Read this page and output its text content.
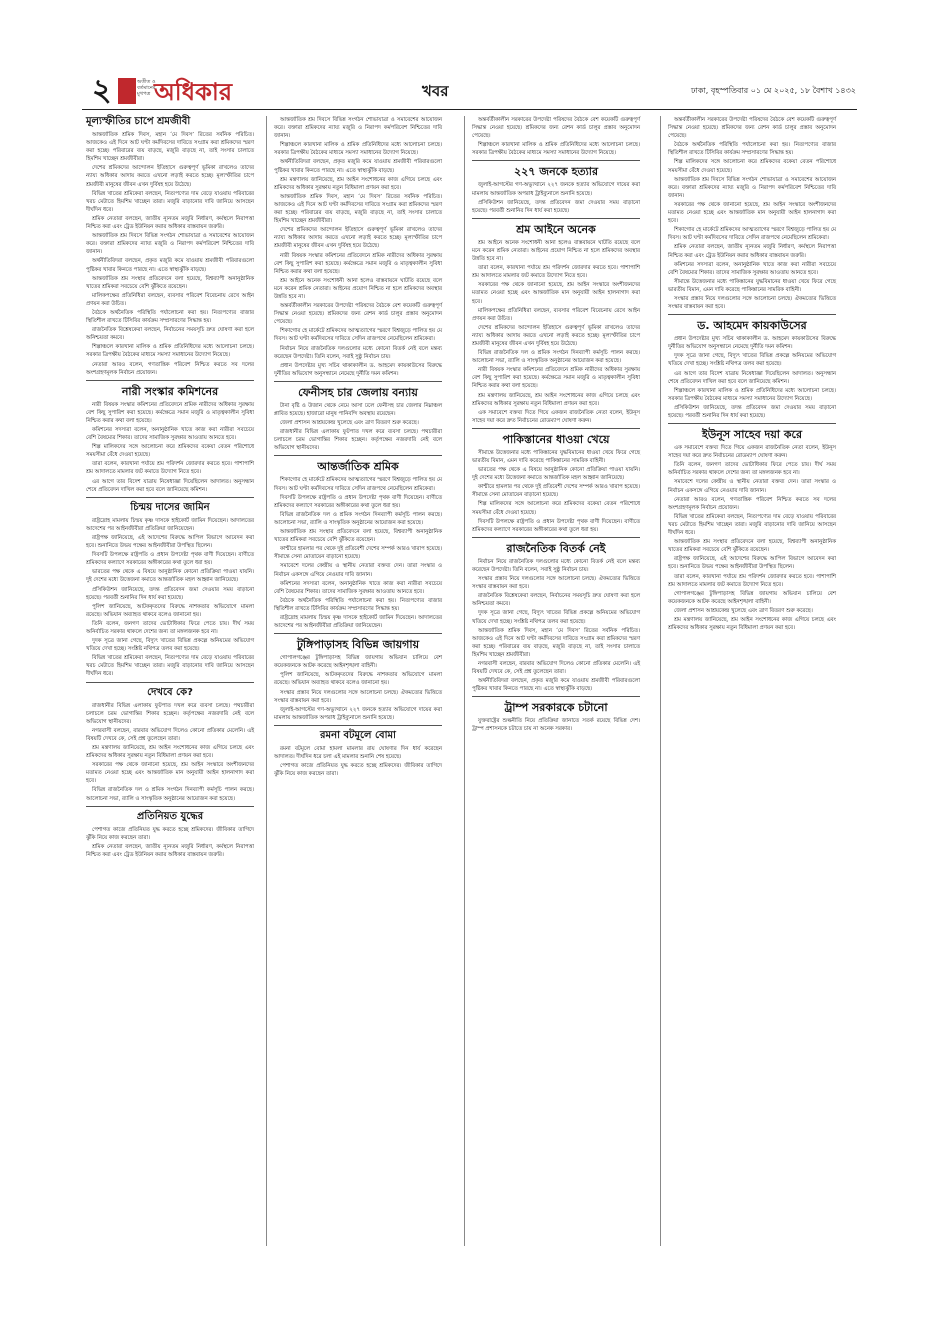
২	অতীত ও বর্তমানের মুখপত্র অধিকার	খবর	ঢাকা, বৃহস্পতিবার ০১ মে ২০২৫, ১৮ বৈশাখ ১৪৩২
মূল্যস্ফীতির চাপে শ্রমজীবী

আন্তর্জাতিক শ্রমিক দিবস, মহান ‘মে দিবস’ রিতের সর্বনিক পরিচিত। আজকেও এই দিনে আট ঘণ্টা কর্মদিবসের দাবিতে সংগ্রাম করা শ্রমিকদের স্মরণ করা হচ্ছে। পরিবারের ব্যয় বাড়ছে, মজুরি বাড়ছে না, তাই সংসার চালাতে হিমশিম খাচ্ছেন শ্রমজীবীরা।

দেশের শ্রমিকদের আন্দোলন ইতিহাসে গুরুত্বপূর্ণ ভূমিকা রাখলেও তাদের ন্যায্য অধিকার আদায় করতে এখনো লড়াই করতে হচ্ছে। মূল্যস্ফীতির চাপে শ্রমজীবী মানুষের জীবন এখন দুর্বিষহ হয়ে উঠেছে।

বিভিন্ন খাতের শ্রমিকেরা বলছেন, নিত্যপণ্যের দাম বেড়ে যাওয়ায় পরিবারের খরচ মেটাতে হিমশিম খাচ্ছেন তারা। মজুরি বাড়ানোর দাবি জানিয়ে আসছেন দীর্ঘদিন ধরে।

শ্রমিক নেতারা বলছেন, জাতীয় ন্যূনতম মজুরি নির্ধারণ, কর্মস্থলে নিরাপত্তা নিশ্চিত করা এবং ট্রেড ইউনিয়ন করার অধিকার বাস্তবায়ন জরুরি।

আন্তর্জাতিক শ্রম দিবসে বিভিন্ন সংগঠন শোভাযাত্রা ও সমাবেশের আয়োজন করে। বক্তারা শ্রমিকদের ন্যায্য মজুরি ও নিরাপদ কর্মপরিবেশ নিশ্চিতের দাবি জানান।

অর্থনীতিবিদরা বলছেন, প্রকৃত মজুরি কমে যাওয়ায় শ্রমজীবী পরিবারগুলো পুষ্টিকর খাবার কিনতে পারছে না। এতে স্বাস্থ্যঝুঁকি বাড়ছে।

আন্তর্জাতিক শ্রম সংস্থার প্রতিবেদনে বলা হয়েছে, বিশ্বব্যাপী অনানুষ্ঠানিক খাতের শ্রমিকরা সবচেয়ে বেশি ঝুঁকিতে রয়েছেন।

মালিকপক্ষের প্রতিনিধিরা বলছেন, ব্যবসার পরিবেশ বিবেচনায় রেখে আইন প্রণয়ন করা উচিত।

বৈঠকে অর্থনৈতিক পরিস্থিতি পর্যালোচনা করা হয়। নিত্যপণ্যের বাজার স্থিতিশীল রাখতে টিসিবির কার্যক্রম সম্প্রসারণের সিদ্ধান্ত হয়।

রাজনৈতিক বিশ্লেষকেরা বলছেন, নির্বাচনের সময়সূচি দ্রুত ঘোষণা করা হলে অনিশ্চয়তা কমবে।

শিল্পাঞ্চলে কারখানা মালিক ও শ্রমিক প্রতিনিধিদের মধ্যে আলোচনা চলছে। সরকার ত্রিপক্ষীয় বৈঠকের মাধ্যমে সমস্যা সমাধানের উদ্যোগ নিয়েছে।

নেতারা আরও বলেন, গণতান্ত্রিক পরিবেশ নিশ্চিত করতে সব দলের অংশগ্রহণমূলক নির্বাচন প্রয়োজন।

নারী সংস্কার কমিশনের

নারী বিষয়ক সংস্কার কমিশনের প্রতিবেদনে শ্রমিক নারীদের অধিকার সুরক্ষায় বেশ কিছু সুপারিশ করা হয়েছে। কর্মক্ষেত্রে সমান মজুরি ও মাতৃত্বকালীন সুবিধা নিশ্চিত করার কথা বলা হয়েছে।

কমিশনের সদস্যরা বলেন, অনানুষ্ঠানিক খাতে কাজ করা নারীরা সবচেয়ে বেশি বৈষম্যের শিকার। তাদের সামাজিক সুরক্ষার আওতায় আনতে হবে।

শিল্প মালিকদের সঙ্গে আলোচনা করে শ্রমিকদের বকেয়া বেতন পরিশোধে সময়সীমা বেঁধে দেওয়া হয়েছে।

তারা বলেন, কারখানা পর্যায়ে শ্রম পরিদর্শন জোরদার করতে হবে। পাশাপাশি শ্রম আদালতে মামলার জট কমাতে উদ্যোগ নিতে হবে।

এর আগে তার বিদেশ যাত্রায় নিষেধাজ্ঞা দিয়েছিলেন আদালত। অনুসন্ধান শেষে প্রতিবেদন দাখিল করা হবে বলে জানিয়েছে কমিশন।

চিন্ময় দাসের জামিন

রাষ্ট্রদ্রোহ মামলায় চিন্ময় কৃষ্ণ দাসকে হাইকোর্ট জামিন দিয়েছেন। আদালতের আদেশের পর আইনজীবীরা প্রতিক্রিয়া জানিয়েছেন।

রাষ্ট্রপক্ষ জানিয়েছে, এই আদেশের বিরুদ্ধে আপিল বিভাগে আবেদন করা হবে। শুনানিতে উভয় পক্ষের আইনজীবীরা উপস্থিত ছিলেন।

দিবসটি উপলক্ষে রাষ্ট্রপতি ও প্রধান উপদেষ্টা পৃথক বাণী দিয়েছেন। বাণীতে শ্রমিকদের কল্যাণে সরকারের অঙ্গীকারের কথা তুলে ধরা হয়।

ভারতের পক্ষ থেকে এ বিষয়ে আনুষ্ঠানিক কোনো প্রতিক্রিয়া পাওয়া যায়নি। দুই দেশের মধ্যে উত্তেজনা কমাতে আন্তর্জাতিক মহল আহ্বান জানিয়েছে।

প্রসিকিউশন জানিয়েছে, তদন্ত প্রতিবেদন জমা দেওয়ার সময় বাড়ানো হয়েছে। পরবর্তী শুনানির দিন ধার্য করা হয়েছে।

পুলিশ জানিয়েছে, আটককৃতদের বিরুদ্ধে নাশকতার অভিযোগে মামলা রয়েছে। অভিযান অব্যাহত থাকবে বলেও জানানো হয়।

তিনি বলেন, জনগণ তাদের ভোটাধিকার ফিরে পেতে চায়। দীর্ঘ সময় অনির্বাচিত সরকার থাকলে দেশের জন্য তা মঙ্গলজনক হবে না।

দুদক সূত্রে জানা গেছে, বিদ্যুৎ খাতের বিভিন্ন প্রকল্পে অনিয়মের অভিযোগ খতিয়ে দেখা হচ্ছে। সংশ্লিষ্ট নথিপত্র তলব করা হয়েছে।

বিভিন্ন খাতের শ্রমিকেরা বলছেন, নিত্যপণ্যের দাম বেড়ে যাওয়ায় পরিবারের খরচ মেটাতে হিমশিম খাচ্ছেন তারা। মজুরি বাড়ানোর দাবি জানিয়ে আসছেন দীর্ঘদিন ধরে।

দেখবে কে?

রাজধানীর বিভিন্ন এলাকায় ফুটপাত দখল করে ব্যবসা চলছে। পথচারীরা চলাচলে চরম ভোগান্তির শিকার হচ্ছেন। কর্তৃপক্ষের নজরদারি নেই বলে অভিযোগ স্থানীয়দের।

নগরবাসী বলছেন, বারবার অভিযোগ দিলেও কোনো প্রতিকার মেলেনি। এই বিষয়টি দেখবে কে, সেই প্রশ্ন তুলেছেন তারা।

শ্রম মন্ত্রণালয় জানিয়েছে, শ্রম আইন সংশোধনের কাজ এগিয়ে চলছে এবং শ্রমিকদের অধিকার সুরক্ষায় নতুন বিধিমালা প্রণয়ন করা হবে।

সরকারের পক্ষ থেকে জানানো হয়েছে, শ্রম আইন সংস্কারে অংশীজনদের মতামত নেওয়া হচ্ছে এবং আন্তর্জাতিক মান অনুযায়ী আইন হালনাগাদ করা হবে।

বিভিন্ন রাজনৈতিক দল ও শ্রমিক সংগঠন দিনব্যাপী কর্মসূচি পালন করছে। আলোচনা সভা, র‍্যালি ও সাংস্কৃতিক অনুষ্ঠানের আয়োজন করা হয়েছে।

প্রতিনিয়ত যুদ্ধের

পেশাগত কাজে প্রতিনিয়ত যুদ্ধ করতে হচ্ছে শ্রমিকদের। জীবিকার তাগিদে ঝুঁকি নিয়ে কাজ করছেন তারা।

শ্রমিক নেতারা বলছেন, জাতীয় ন্যূনতম মজুরি নির্ধারণ, কর্মস্থলে নিরাপত্তা নিশ্চিত করা এবং ট্রেড ইউনিয়ন করার অধিকার বাস্তবায়ন জরুরি।

আন্তর্জাতিক শ্রম দিবসে বিভিন্ন সংগঠন শোভাযাত্রা ও সমাবেশের আয়োজন করে। বক্তারা শ্রমিকদের ন্যায্য মজুরি ও নিরাপদ কর্মপরিবেশ নিশ্চিতের দাবি জানান।

শিল্পাঞ্চলে কারখানা মালিক ও শ্রমিক প্রতিনিধিদের মধ্যে আলোচনা চলছে। সরকার ত্রিপক্ষীয় বৈঠকের মাধ্যমে সমস্যা সমাধানের উদ্যোগ নিয়েছে।

অর্থনীতিবিদরা বলছেন, প্রকৃত মজুরি কমে যাওয়ায় শ্রমজীবী পরিবারগুলো পুষ্টিকর খাবার কিনতে পারছে না। এতে স্বাস্থ্যঝুঁকি বাড়ছে।

শ্রম মন্ত্রণালয় জানিয়েছে, শ্রম আইন সংশোধনের কাজ এগিয়ে চলছে এবং শ্রমিকদের অধিকার সুরক্ষায় নতুন বিধিমালা প্রণয়ন করা হবে।

আন্তর্জাতিক শ্রমিক দিবস, মহান ‘মে দিবস’ রিতের সর্বনিক পরিচিত। আজকেও এই দিনে আট ঘণ্টা কর্মদিবসের দাবিতে সংগ্রাম করা শ্রমিকদের স্মরণ করা হচ্ছে। পরিবারের ব্যয় বাড়ছে, মজুরি বাড়ছে না, তাই সংসার চালাতে হিমশিম খাচ্ছেন শ্রমজীবীরা।

দেশের শ্রমিকদের আন্দোলন ইতিহাসে গুরুত্বপূর্ণ ভূমিকা রাখলেও তাদের ন্যায্য অধিকার আদায় করতে এখনো লড়াই করতে হচ্ছে। মূল্যস্ফীতির চাপে শ্রমজীবী মানুষের জীবন এখন দুর্বিষহ হয়ে উঠেছে।

নারী বিষয়ক সংস্কার কমিশনের প্রতিবেদনে শ্রমিক নারীদের অধিকার সুরক্ষায় বেশ কিছু সুপারিশ করা হয়েছে। কর্মক্ষেত্রে সমান মজুরি ও মাতৃত্বকালীন সুবিধা নিশ্চিত করার কথা বলা হয়েছে।

শ্রম আইনে অনেক সংশোধনী আনা হলেও বাস্তবায়নে ঘাটতি রয়েছে বলে মনে করেন শ্রমিক নেতারা। আইনের প্রয়োগ নিশ্চিত না হলে শ্রমিকদের অবস্থার উন্নতি হবে না।

অন্তর্বর্তীকালীন সরকারের উপদেষ্টা পরিষদের বৈঠকে বেশ কয়েকটি গুরুত্বপূর্ণ সিদ্ধান্ত নেওয়া হয়েছে। শ্রমিকদের জন্য রেশন কার্ড চালুর প্রস্তাব অনুমোদন পেয়েছে।

শিকাগোর হে মার্কেটে শ্রমিকদের আত্মত্যাগের স্মরণে বিশ্বজুড়ে পালিত হয় মে দিবস। আট ঘণ্টা কর্মদিবসের দাবিতে সেদিন রাজপথে নেমেছিলেন শ্রমিকেরা।

নির্বাচন নিয়ে রাজনৈতিক দলগুলোর মধ্যে কোনো বিতর্ক নেই বলে মন্তব্য করেছেন উপদেষ্টা। তিনি বলেন, সবাই সুষ্ঠু নির্বাচন চায়।

প্রধান উপদেষ্টার মুখ্য সচিব থাকাকালীন ড. আহমেদ কায়কাউসের বিরুদ্ধে দুর্নীতির অভিযোগ অনুসন্ধানে নেমেছে দুর্নীতি দমন কমিশন।

ফেনীসহ চার জেলায় বন্যায়

টানা বৃষ্টি ও উজান থেকে নেমে আসা ঢলে ফেনীসহ চার জেলার নিম্নাঞ্চল প্লাবিত হয়েছে। হাজারো মানুষ পানিবন্দি অবস্থায় রয়েছেন।

জেলা প্রশাসন আশ্রয়কেন্দ্র খুলেছে এবং ত্রাণ বিতরণ শুরু করেছে।

রাজধানীর বিভিন্ন এলাকায় ফুটপাত দখল করে ব্যবসা চলছে। পথচারীরা চলাচলে চরম ভোগান্তির শিকার হচ্ছেন। কর্তৃপক্ষের নজরদারি নেই বলে অভিযোগ স্থানীয়দের।

আন্তর্জাতিক শ্রমিক

শিকাগোর হে মার্কেটে শ্রমিকদের আত্মত্যাগের স্মরণে বিশ্বজুড়ে পালিত হয় মে দিবস। আট ঘণ্টা কর্মদিবসের দাবিতে সেদিন রাজপথে নেমেছিলেন শ্রমিকেরা।

দিবসটি উপলক্ষে রাষ্ট্রপতি ও প্রধান উপদেষ্টা পৃথক বাণী দিয়েছেন। বাণীতে শ্রমিকদের কল্যাণে সরকারের অঙ্গীকারের কথা তুলে ধরা হয়।

বিভিন্ন রাজনৈতিক দল ও শ্রমিক সংগঠন দিনব্যাপী কর্মসূচি পালন করছে। আলোচনা সভা, র‍্যালি ও সাংস্কৃতিক অনুষ্ঠানের আয়োজন করা হয়েছে।

আন্তর্জাতিক শ্রম সংস্থার প্রতিবেদনে বলা হয়েছে, বিশ্বব্যাপী অনানুষ্ঠানিক খাতের শ্রমিকরা সবচেয়ে বেশি ঝুঁকিতে রয়েছেন।

কাশ্মীরে হামলার পর থেকে দুই প্রতিবেশী দেশের সম্পর্ক আরও খারাপ হয়েছে। সীমান্তে সেনা মোতায়েন বাড়ানো হয়েছে।

সমাবেশে দলের কেন্দ্রীয় ও স্থানীয় নেতারা বক্তব্য দেন। তারা সংস্কার ও নির্বাচন একসঙ্গে এগিয়ে নেওয়ার দাবি জানান।

কমিশনের সদস্যরা বলেন, অনানুষ্ঠানিক খাতে কাজ করা নারীরা সবচেয়ে বেশি বৈষম্যের শিকার। তাদের সামাজিক সুরক্ষার আওতায় আনতে হবে।

বৈঠকে অর্থনৈতিক পরিস্থিতি পর্যালোচনা করা হয়। নিত্যপণ্যের বাজার স্থিতিশীল রাখতে টিসিবির কার্যক্রম সম্প্রসারণের সিদ্ধান্ত হয়।

রাষ্ট্রদ্রোহ মামলায় চিন্ময় কৃষ্ণ দাসকে হাইকোর্ট জামিন দিয়েছেন। আদালতের আদেশের পর আইনজীবীরা প্রতিক্রিয়া জানিয়েছেন।

টুঙ্গিপাড়াসহ বিভিন্ন জায়গায়

গোপালগঞ্জের টুঙ্গিপাড়াসহ বিভিন্ন জায়গায় অভিযান চালিয়ে বেশ কয়েকজনকে আটক করেছে আইনশৃঙ্খলা বাহিনী।

পুলিশ জানিয়েছে, আটককৃতদের বিরুদ্ধে নাশকতার অভিযোগে মামলা রয়েছে। অভিযান অব্যাহত থাকবে বলেও জানানো হয়।

সংস্কার প্রস্তাব নিয়ে দলগুলোর সঙ্গে আলোচনা চলছে। ঐকমত্যের ভিত্তিতে সংস্কার বাস্তবায়ন করা হবে।

জুলাই-আগস্টের গণ-অভ্যুত্থানে ২২৭ জনকে হত্যার অভিযোগে দায়ের করা মামলায় আন্তর্জাতিক অপরাধ ট্রাইব্যুনালে শুনানি হয়েছে।

রমনা বটমূলে বোমা

রমনা বটমূলে বোমা হামলা মামলার রায় ঘোষণার দিন ধার্য করেছেন আদালত। দীর্ঘদিন ধরে চলা এই মামলার শুনানি শেষ হয়েছে।

পেশাগত কাজে প্রতিনিয়ত যুদ্ধ করতে হচ্ছে শ্রমিকদের। জীবিকার তাগিদে ঝুঁকি নিয়ে কাজ করছেন তারা।

অন্তর্বর্তীকালীন সরকারের উপদেষ্টা পরিষদের বৈঠকে বেশ কয়েকটি গুরুত্বপূর্ণ সিদ্ধান্ত নেওয়া হয়েছে। শ্রমিকদের জন্য রেশন কার্ড চালুর প্রস্তাব অনুমোদন পেয়েছে।

শিল্পাঞ্চলে কারখানা মালিক ও শ্রমিক প্রতিনিধিদের মধ্যে আলোচনা চলছে। সরকার ত্রিপক্ষীয় বৈঠকের মাধ্যমে সমস্যা সমাধানের উদ্যোগ নিয়েছে।

২২৭ জনকে হত্যার

জুলাই-আগস্টের গণ-অভ্যুত্থানে ২২৭ জনকে হত্যার অভিযোগে দায়ের করা মামলায় আন্তর্জাতিক অপরাধ ট্রাইব্যুনালে শুনানি হয়েছে।

প্রসিকিউশন জানিয়েছে, তদন্ত প্রতিবেদন জমা দেওয়ার সময় বাড়ানো হয়েছে। পরবর্তী শুনানির দিন ধার্য করা হয়েছে।

শ্রম আইনে অনেক

শ্রম আইনে অনেক সংশোধনী আনা হলেও বাস্তবায়নে ঘাটতি রয়েছে বলে মনে করেন শ্রমিক নেতারা। আইনের প্রয়োগ নিশ্চিত না হলে শ্রমিকদের অবস্থার উন্নতি হবে না।

তারা বলেন, কারখানা পর্যায়ে শ্রম পরিদর্শন জোরদার করতে হবে। পাশাপাশি শ্রম আদালতে মামলার জট কমাতে উদ্যোগ নিতে হবে।

সরকারের পক্ষ থেকে জানানো হয়েছে, শ্রম আইন সংস্কারে অংশীজনদের মতামত নেওয়া হচ্ছে এবং আন্তর্জাতিক মান অনুযায়ী আইন হালনাগাদ করা হবে।

মালিকপক্ষের প্রতিনিধিরা বলছেন, ব্যবসার পরিবেশ বিবেচনায় রেখে আইন প্রণয়ন করা উচিত।

দেশের শ্রমিকদের আন্দোলন ইতিহাসে গুরুত্বপূর্ণ ভূমিকা রাখলেও তাদের ন্যায্য অধিকার আদায় করতে এখনো লড়াই করতে হচ্ছে। মূল্যস্ফীতির চাপে শ্রমজীবী মানুষের জীবন এখন দুর্বিষহ হয়ে উঠেছে।

বিভিন্ন রাজনৈতিক দল ও শ্রমিক সংগঠন দিনব্যাপী কর্মসূচি পালন করছে। আলোচনা সভা, র‍্যালি ও সাংস্কৃতিক অনুষ্ঠানের আয়োজন করা হয়েছে।

নারী বিষয়ক সংস্কার কমিশনের প্রতিবেদনে শ্রমিক নারীদের অধিকার সুরক্ষায় বেশ কিছু সুপারিশ করা হয়েছে। কর্মক্ষেত্রে সমান মজুরি ও মাতৃত্বকালীন সুবিধা নিশ্চিত করার কথা বলা হয়েছে।

শ্রম মন্ত্রণালয় জানিয়েছে, শ্রম আইন সংশোধনের কাজ এগিয়ে চলছে এবং শ্রমিকদের অধিকার সুরক্ষায় নতুন বিধিমালা প্রণয়ন করা হবে।

এক সমাবেশে বক্তব্য দিতে গিয়ে একজন রাজনৈতিক নেতা বলেন, ইউনূস সাহেব দয়া করে দ্রুত নির্বাচনের রোডম্যাপ ঘোষণা করুন।

পাকিস্তানের ধাওয়া খেয়ে

সীমান্তে উত্তেজনার মধ্যে পাকিস্তানের যুদ্ধবিমানের ধাওয়া খেয়ে ফিরে গেছে ভারতীয় বিমান, এমন দাবি করেছে পাকিস্তানের সামরিক বাহিনী।

ভারতের পক্ষ থেকে এ বিষয়ে আনুষ্ঠানিক কোনো প্রতিক্রিয়া পাওয়া যায়নি। দুই দেশের মধ্যে উত্তেজনা কমাতে আন্তর্জাতিক মহল আহ্বান জানিয়েছে।

কাশ্মীরে হামলার পর থেকে দুই প্রতিবেশী দেশের সম্পর্ক আরও খারাপ হয়েছে। সীমান্তে সেনা মোতায়েন বাড়ানো হয়েছে।

শিল্প মালিকদের সঙ্গে আলোচনা করে শ্রমিকদের বকেয়া বেতন পরিশোধে সময়সীমা বেঁধে দেওয়া হয়েছে।

দিবসটি উপলক্ষে রাষ্ট্রপতি ও প্রধান উপদেষ্টা পৃথক বাণী দিয়েছেন। বাণীতে শ্রমিকদের কল্যাণে সরকারের অঙ্গীকারের কথা তুলে ধরা হয়।

রাজনৈতিক বিতর্ক নেই

নির্বাচন নিয়ে রাজনৈতিক দলগুলোর মধ্যে কোনো বিতর্ক নেই বলে মন্তব্য করেছেন উপদেষ্টা। তিনি বলেন, সবাই সুষ্ঠু নির্বাচন চায়।

সংস্কার প্রস্তাব নিয়ে দলগুলোর সঙ্গে আলোচনা চলছে। ঐকমত্যের ভিত্তিতে সংস্কার বাস্তবায়ন করা হবে।

রাজনৈতিক বিশ্লেষকেরা বলছেন, নির্বাচনের সময়সূচি দ্রুত ঘোষণা করা হলে অনিশ্চয়তা কমবে।

দুদক সূত্রে জানা গেছে, বিদ্যুৎ খাতের বিভিন্ন প্রকল্পে অনিয়মের অভিযোগ খতিয়ে দেখা হচ্ছে। সংশ্লিষ্ট নথিপত্র তলব করা হয়েছে।

আন্তর্জাতিক শ্রমিক দিবস, মহান ‘মে দিবস’ রিতের সর্বনিক পরিচিত। আজকেও এই দিনে আট ঘণ্টা কর্মদিবসের দাবিতে সংগ্রাম করা শ্রমিকদের স্মরণ করা হচ্ছে। পরিবারের ব্যয় বাড়ছে, মজুরি বাড়ছে না, তাই সংসার চালাতে হিমশিম খাচ্ছেন শ্রমজীবীরা।

নগরবাসী বলছেন, বারবার অভিযোগ দিলেও কোনো প্রতিকার মেলেনি। এই বিষয়টি দেখবে কে, সেই প্রশ্ন তুলেছেন তারা।

অর্থনীতিবিদরা বলছেন, প্রকৃত মজুরি কমে যাওয়ায় শ্রমজীবী পরিবারগুলো পুষ্টিকর খাবার কিনতে পারছে না। এতে স্বাস্থ্যঝুঁকি বাড়ছে।

ট্রাম্প সরকারকে চটানো

যুক্তরাষ্ট্রের শুল্কনীতি নিয়ে প্রতিক্রিয়া জানাতে সতর্ক রয়েছে বিভিন্ন দেশ। ট্রাম্প প্রশাসনকে চটাতে চায় না অনেক সরকার।

অন্তর্বর্তীকালীন সরকারের উপদেষ্টা পরিষদের বৈঠকে বেশ কয়েকটি গুরুত্বপূর্ণ সিদ্ধান্ত নেওয়া হয়েছে। শ্রমিকদের জন্য রেশন কার্ড চালুর প্রস্তাব অনুমোদন পেয়েছে।

বৈঠকে অর্থনৈতিক পরিস্থিতি পর্যালোচনা করা হয়। নিত্যপণ্যের বাজার স্থিতিশীল রাখতে টিসিবির কার্যক্রম সম্প্রসারণের সিদ্ধান্ত হয়।

শিল্প মালিকদের সঙ্গে আলোচনা করে শ্রমিকদের বকেয়া বেতন পরিশোধে সময়সীমা বেঁধে দেওয়া হয়েছে।

আন্তর্জাতিক শ্রম দিবসে বিভিন্ন সংগঠন শোভাযাত্রা ও সমাবেশের আয়োজন করে। বক্তারা শ্রমিকদের ন্যায্য মজুরি ও নিরাপদ কর্মপরিবেশ নিশ্চিতের দাবি জানান।

সরকারের পক্ষ থেকে জানানো হয়েছে, শ্রম আইন সংস্কারে অংশীজনদের মতামত নেওয়া হচ্ছে এবং আন্তর্জাতিক মান অনুযায়ী আইন হালনাগাদ করা হবে।

শিকাগোর হে মার্কেটে শ্রমিকদের আত্মত্যাগের স্মরণে বিশ্বজুড়ে পালিত হয় মে দিবস। আট ঘণ্টা কর্মদিবসের দাবিতে সেদিন রাজপথে নেমেছিলেন শ্রমিকেরা।

শ্রমিক নেতারা বলছেন, জাতীয় ন্যূনতম মজুরি নির্ধারণ, কর্মস্থলে নিরাপত্তা নিশ্চিত করা এবং ট্রেড ইউনিয়ন করার অধিকার বাস্তবায়ন জরুরি।

কমিশনের সদস্যরা বলেন, অনানুষ্ঠানিক খাতে কাজ করা নারীরা সবচেয়ে বেশি বৈষম্যের শিকার। তাদের সামাজিক সুরক্ষার আওতায় আনতে হবে।

সীমান্তে উত্তেজনার মধ্যে পাকিস্তানের যুদ্ধবিমানের ধাওয়া খেয়ে ফিরে গেছে ভারতীয় বিমান, এমন দাবি করেছে পাকিস্তানের সামরিক বাহিনী।

সংস্কার প্রস্তাব নিয়ে দলগুলোর সঙ্গে আলোচনা চলছে। ঐকমত্যের ভিত্তিতে সংস্কার বাস্তবায়ন করা হবে।

ড. আহমেদ কায়কাউসের

প্রধান উপদেষ্টার মুখ্য সচিব থাকাকালীন ড. আহমেদ কায়কাউসের বিরুদ্ধে দুর্নীতির অভিযোগ অনুসন্ধানে নেমেছে দুর্নীতি দমন কমিশন।

দুদক সূত্রে জানা গেছে, বিদ্যুৎ খাতের বিভিন্ন প্রকল্পে অনিয়মের অভিযোগ খতিয়ে দেখা হচ্ছে। সংশ্লিষ্ট নথিপত্র তলব করা হয়েছে।

এর আগে তার বিদেশ যাত্রায় নিষেধাজ্ঞা দিয়েছিলেন আদালত। অনুসন্ধান শেষে প্রতিবেদন দাখিল করা হবে বলে জানিয়েছে কমিশন।

শিল্পাঞ্চলে কারখানা মালিক ও শ্রমিক প্রতিনিধিদের মধ্যে আলোচনা চলছে। সরকার ত্রিপক্ষীয় বৈঠকের মাধ্যমে সমস্যা সমাধানের উদ্যোগ নিয়েছে।

প্রসিকিউশন জানিয়েছে, তদন্ত প্রতিবেদন জমা দেওয়ার সময় বাড়ানো হয়েছে। পরবর্তী শুনানির দিন ধার্য করা হয়েছে।

ইউনূস সাহেব দয়া করে

এক সমাবেশে বক্তব্য দিতে গিয়ে একজন রাজনৈতিক নেতা বলেন, ইউনূস সাহেব দয়া করে দ্রুত নির্বাচনের রোডম্যাপ ঘোষণা করুন।

তিনি বলেন, জনগণ তাদের ভোটাধিকার ফিরে পেতে চায়। দীর্ঘ সময় অনির্বাচিত সরকার থাকলে দেশের জন্য তা মঙ্গলজনক হবে না।

সমাবেশে দলের কেন্দ্রীয় ও স্থানীয় নেতারা বক্তব্য দেন। তারা সংস্কার ও নির্বাচন একসঙ্গে এগিয়ে নেওয়ার দাবি জানান।

নেতারা আরও বলেন, গণতান্ত্রিক পরিবেশ নিশ্চিত করতে সব দলের অংশগ্রহণমূলক নির্বাচন প্রয়োজন।

বিভিন্ন খাতের শ্রমিকেরা বলছেন, নিত্যপণ্যের দাম বেড়ে যাওয়ায় পরিবারের খরচ মেটাতে হিমশিম খাচ্ছেন তারা। মজুরি বাড়ানোর দাবি জানিয়ে আসছেন দীর্ঘদিন ধরে।

আন্তর্জাতিক শ্রম সংস্থার প্রতিবেদনে বলা হয়েছে, বিশ্বব্যাপী অনানুষ্ঠানিক খাতের শ্রমিকরা সবচেয়ে বেশি ঝুঁকিতে রয়েছেন।

রাষ্ট্রপক্ষ জানিয়েছে, এই আদেশের বিরুদ্ধে আপিল বিভাগে আবেদন করা হবে। শুনানিতে উভয় পক্ষের আইনজীবীরা উপস্থিত ছিলেন।

তারা বলেন, কারখানা পর্যায়ে শ্রম পরিদর্শন জোরদার করতে হবে। পাশাপাশি শ্রম আদালতে মামলার জট কমাতে উদ্যোগ নিতে হবে।

গোপালগঞ্জের টুঙ্গিপাড়াসহ বিভিন্ন জায়গায় অভিযান চালিয়ে বেশ কয়েকজনকে আটক করেছে আইনশৃঙ্খলা বাহিনী।

জেলা প্রশাসন আশ্রয়কেন্দ্র খুলেছে এবং ত্রাণ বিতরণ শুরু করেছে।

শ্রম মন্ত্রণালয় জানিয়েছে, শ্রম আইন সংশোধনের কাজ এগিয়ে চলছে এবং শ্রমিকদের অধিকার সুরক্ষায় নতুন বিধিমালা প্রণয়ন করা হবে।
